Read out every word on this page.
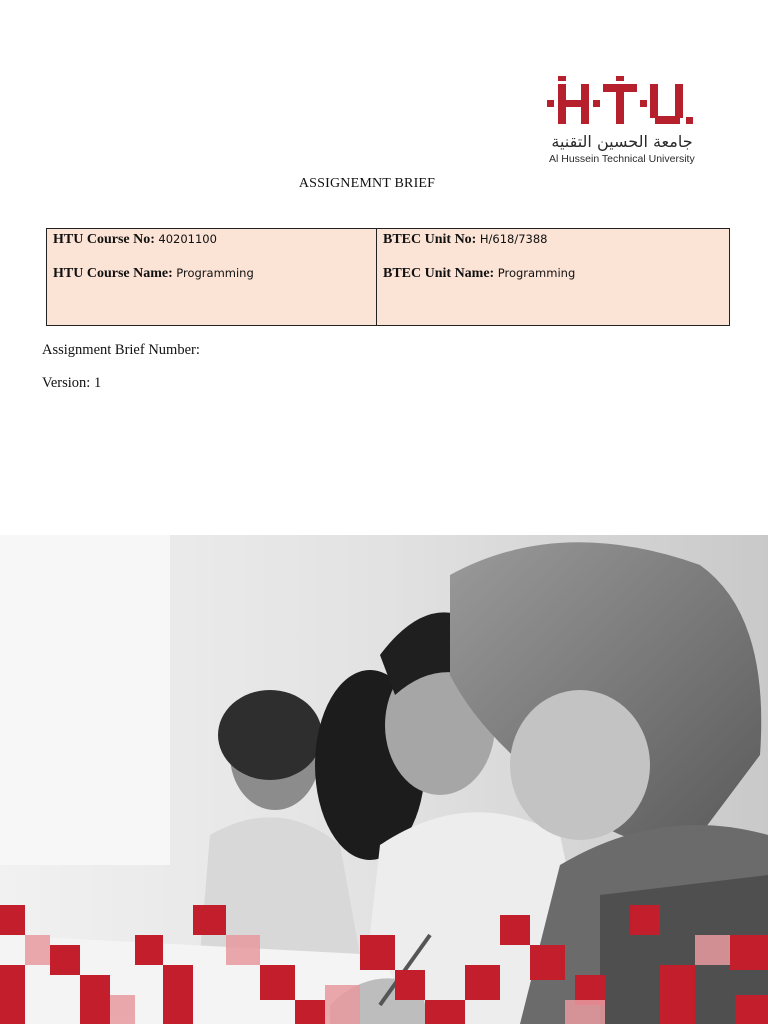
جامعة الحسين التقنية
Al Hussein Technical University
ASSIGNEMNT BRIEF

HTU Course No: 40201100

HTU Course Name: Programming

BTEC Unit No: H/618/7388

BTEC Unit Name: Programming

Assignment Brief Number:
Version: 1
